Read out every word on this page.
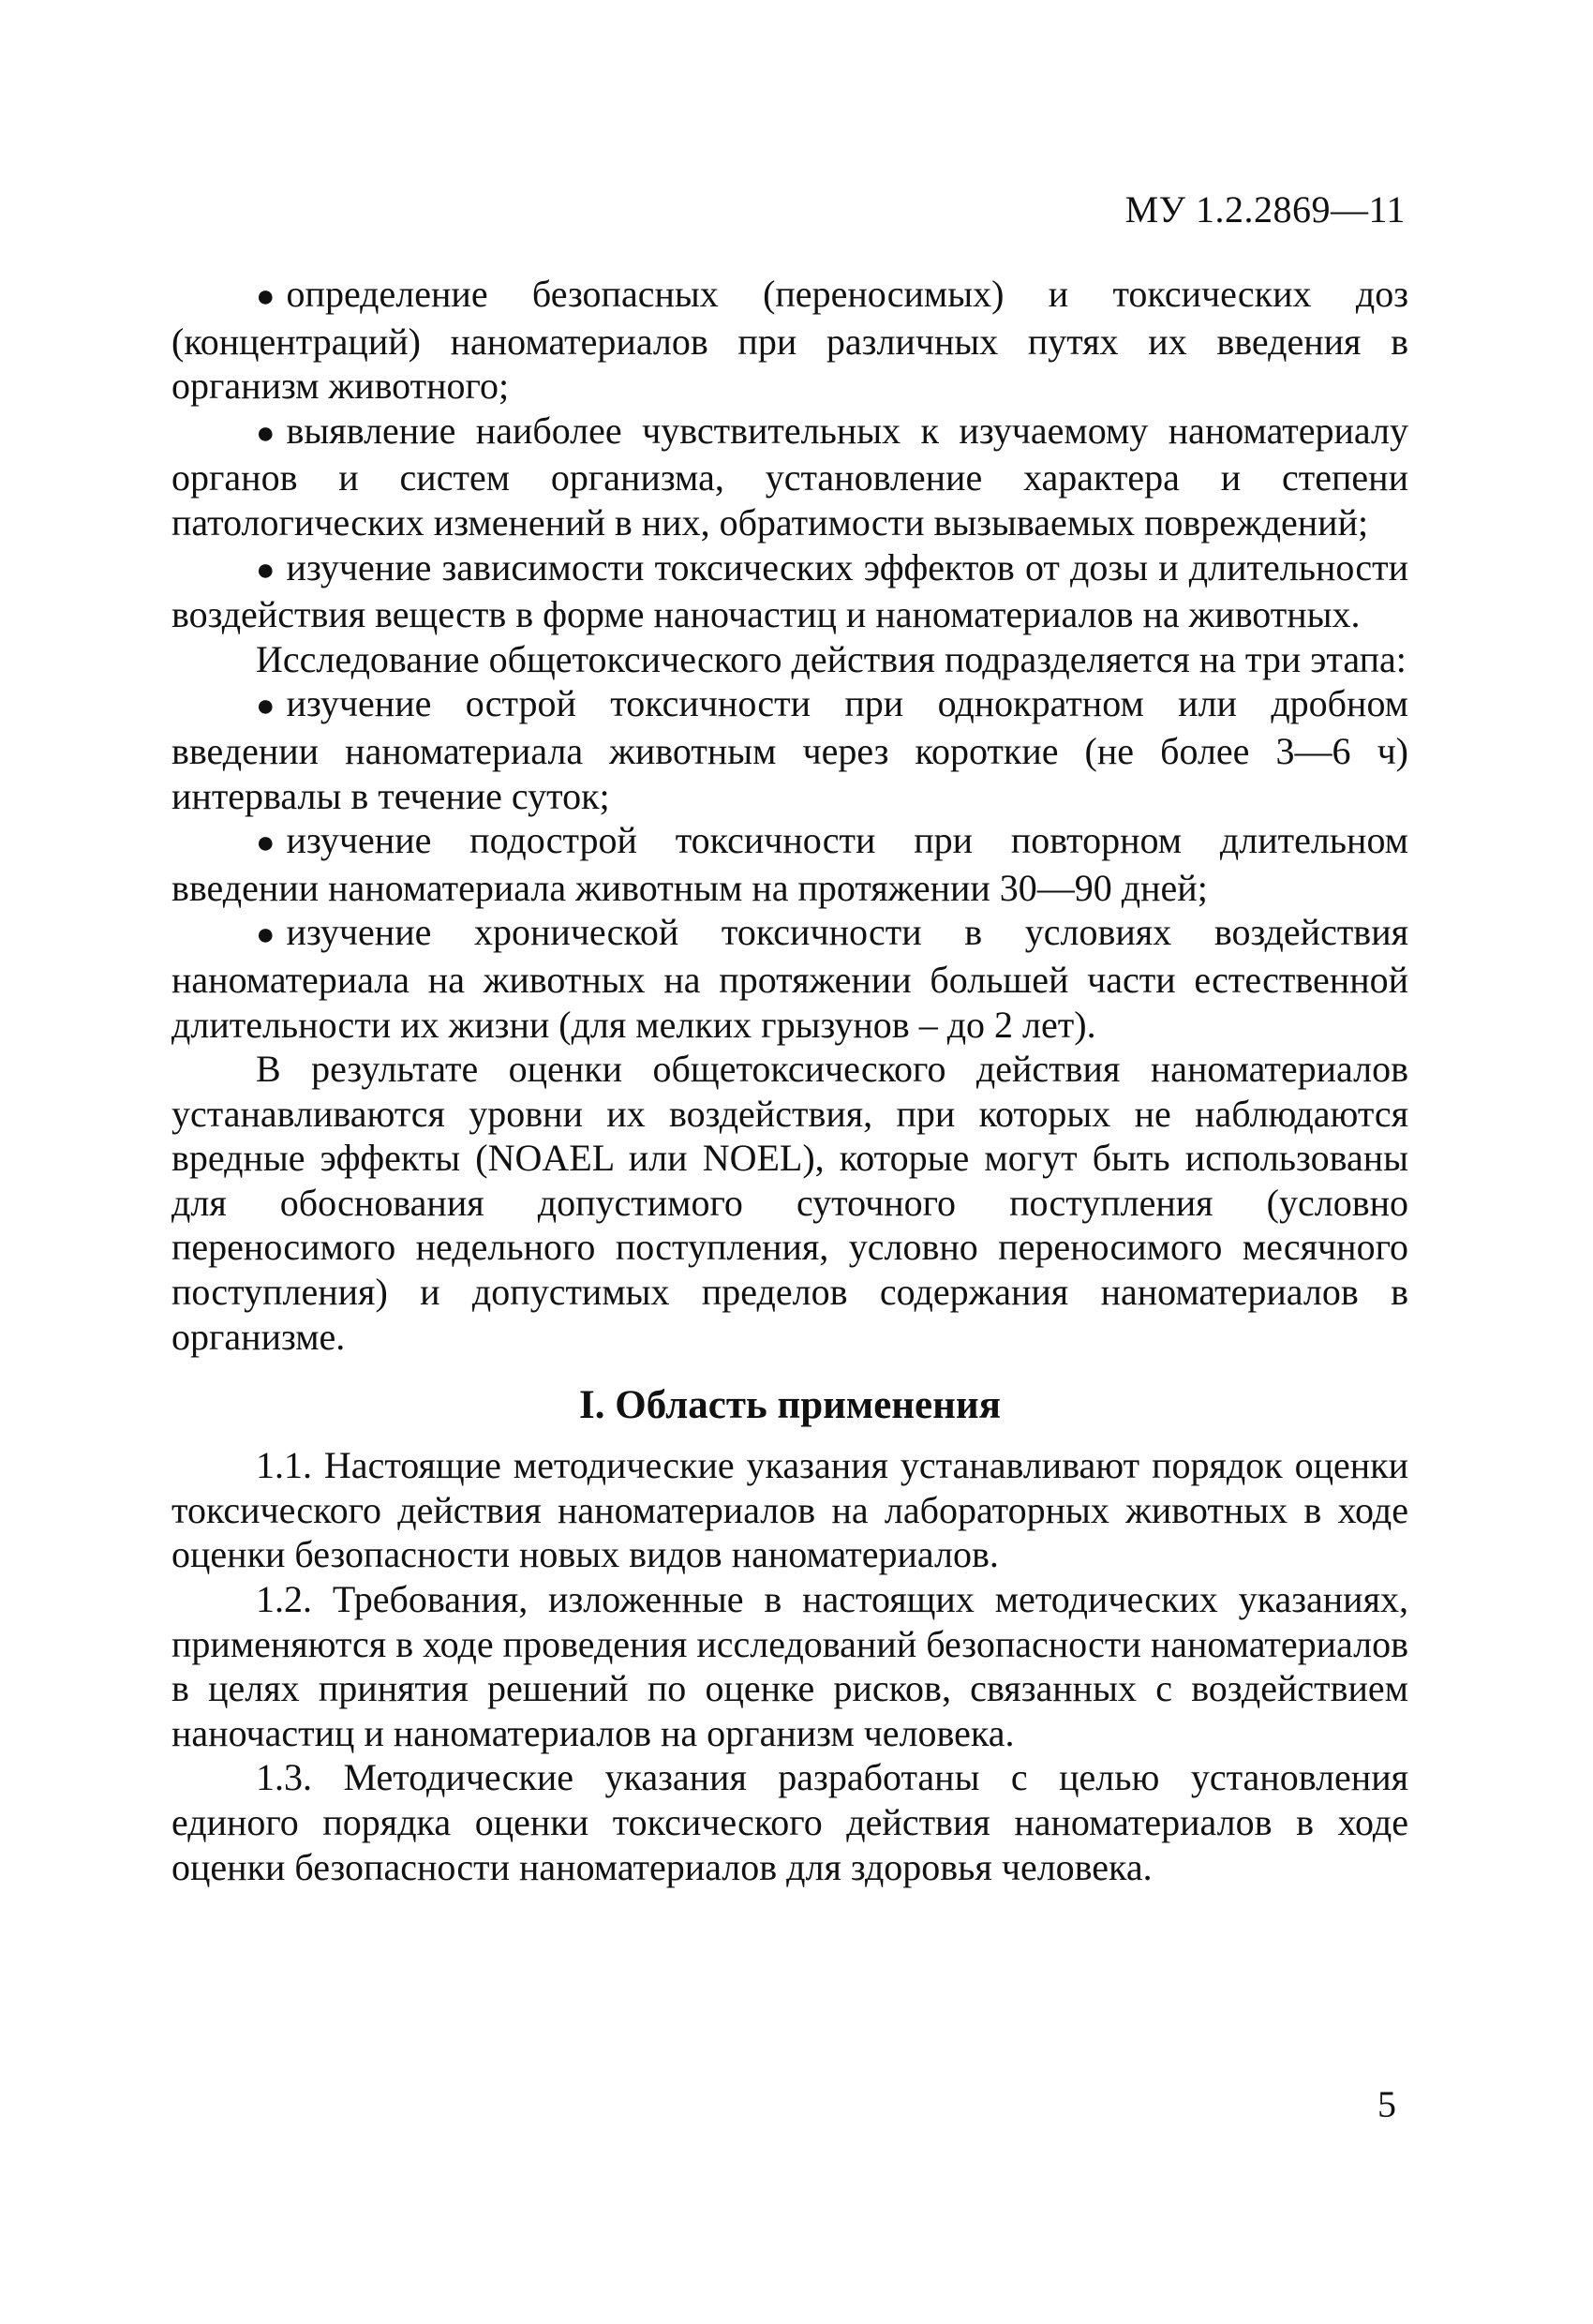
МУ 1.2.2869—11

● определение безопасных (переносимых) и токсических доз (концентраций) наноматериалов при различных путях их введения в организм животного;

● выявление наиболее чувствительных к изучаемому наноматериалу органов и систем организма, установление характера и степени патологических изменений в них, обратимости вызываемых повреждений;

● изучение зависимости токсических эффектов от дозы и длительности воздействия веществ в форме наночастиц и наноматериалов на животных.

Исследование общетоксического действия подразделяется на три этапа:

● изучение острой токсичности при однократном или дробном введении наноматериала животным через короткие (не более 3—6 ч) интервалы в течение суток;

● изучение подострой токсичности при повторном длительном введении наноматериала животным на протяжении 30—90 дней;

● изучение хронической токсичности в условиях воздействия наноматериала на животных на протяжении большей части естественной длительности их жизни (для мелких грызунов – до 2 лет).

В результате оценки общетоксического действия наноматериалов устанавливаются уровни их воздействия, при которых не наблюдаются вредные эффекты (NOAEL или NOEL), которые могут быть использованы для обоснования допустимого суточного поступления (условно переносимого недельного поступления, условно переносимого месячного поступления) и допустимых пределов содержания наноматериалов в организме.

I. Область применения

1.1. Настоящие методические указания устанавливают порядок оценки токсического действия наноматериалов на лабораторных животных в ходе оценки безопасности новых видов наноматериалов.

1.2. Требования, изложенные в настоящих методических указаниях, применяются в ходе проведения исследований безопасности наноматериалов в целях принятия решений по оценке рисков, связанных с воздействием наночастиц и наноматериалов на организм человека.

1.3. Методические указания разработаны с целью установления единого порядка оценки токсического действия наноматериалов в ходе оценки безопасности наноматериалов для здоровья человека.

5
